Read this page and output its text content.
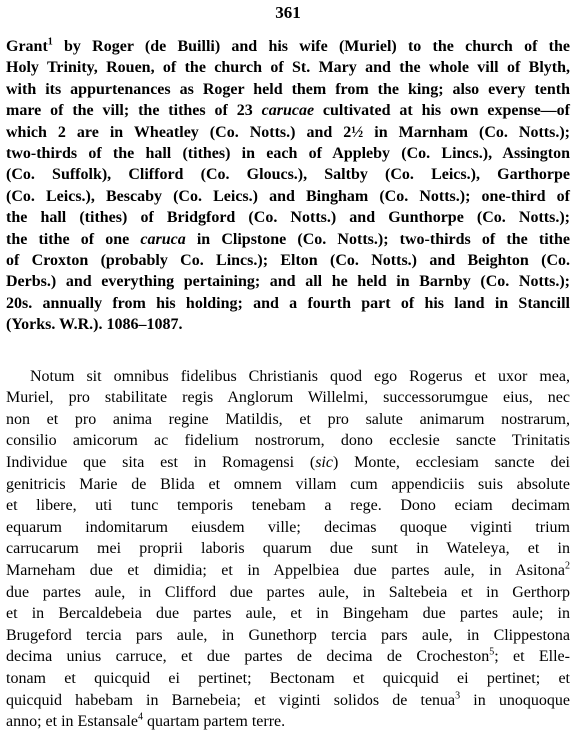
361
Grant$^1$ by Roger (de Builli) and his wife (Muriel) to the church of the
Holy Trinity, Rouen, of the church of St. Mary and the whole vill of Blyth,
with its appurtenances as Roger held them from the king; also every tenth
mare of the vill; the tithes of 23 carucae cultivated at his own expense—of
which 2 are in Wheatley (Co. Notts.) and 2½ in Marnham (Co. Notts.);
two-thirds of the hall (tithes) in each of Appleby (Co. Lincs.), Assington
(Co. Suffolk), Clifford (Co. Gloucs.), Saltby (Co. Leics.), Garthorpe
(Co. Leics.), Bescaby (Co. Leics.) and Bingham (Co. Notts.); one-third of
the hall (tithes) of Bridgford (Co. Notts.) and Gunthorpe (Co. Notts.);
the tithe of one caruca in Clipstone (Co. Notts.); two-thirds of the tithe
of Croxton (probably Co. Lincs.); Elton (Co. Notts.) and Beighton (Co.
Derbs.) and everything pertaining; and all he held in Barnby (Co. Notts.);
20s. annually from his holding; and a fourth part of his land in Stancill
(Yorks. W.R.). 1086–1087.
Notum sit omnibus fidelibus Christianis quod ego Rogerus et uxor mea,
Muriel, pro stabilitate regis Anglorum Willelmi, successorumgue eius, nec
non et pro anima regine Matildis, et pro salute animarum nostrarum,
consilio amicorum ac fidelium nostrorum, dono ecclesie sancte Trinitatis
Individue que sita est in Romagensi (sic) Monte, ecclesiam sancte dei
genitricis Marie de Blida et omnem villam cum appendiciis suis absolute
et libere, uti tunc temporis tenebam a rege. Dono eciam decimam
equarum indomitarum eiusdem ville; decimas quoque viginti trium
carrucarum mei proprii laboris quarum due sunt in Wateleya, et in
Marneham due et dimidia; et in Appelbiea due partes aule, in Asitona$^2$
due partes aule, in Clifford due partes aule, in Saltebeia et in Gerthorp
et in Bercaldebeia due partes aule, et in Bingeham due partes aule; in
Brugeford tercia pars aule, in Gunethorp tercia pars aule, in Clippestona
decima unius carruce, et due partes de decima de Crocheston$^5$; et Elle-
tonam et quicquid ei pertinet; Bectonam et quicquid ei pertinet; et
quicquid habebam in Barnebeia; et viginti solidos de tenua$^3$ in unoquoque
anno; et in Estansale$^4$ quartam partem terre.
